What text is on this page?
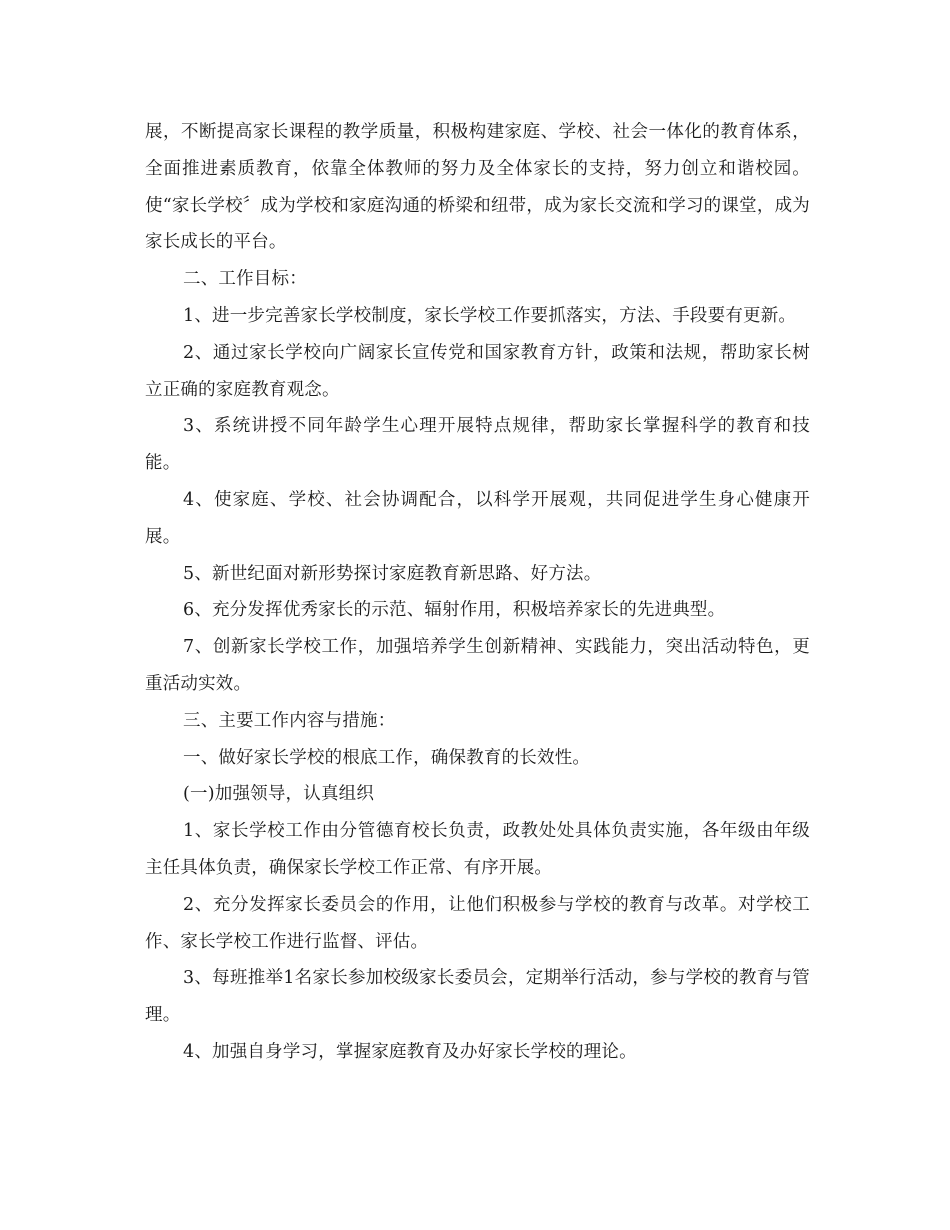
展，不断提高家长课程的教学质量，积极构建家庭、学校、社会一体化的教育体系，全面推进素质教育，依靠全体教师的努力及全体家长的支持，努力创立和谐校园。使“家长学校〞成为学校和家庭沟通的桥梁和纽带，成为家长交流和学习的课堂，成为家长成长的平台。

二、工作目标：

1、进一步完善家长学校制度，家长学校工作要抓落实，方法、手段要有更新。

2、通过家长学校向广阔家长宣传党和国家教育方针，政策和法规，帮助家长树立正确的家庭教育观念。

3、系统讲授不同年龄学生心理开展特点规律，帮助家长掌握科学的教育和技能。

4、使家庭、学校、社会协调配合，以科学开展观，共同促进学生身心健康开展。

5、新世纪面对新形势探讨家庭教育新思路、好方法。

6、充分发挥优秀家长的示范、辐射作用，积极培养家长的先进典型。

7、创新家长学校工作，加强培养学生创新精神、实践能力，突出活动特色，更重活动实效。

三、主要工作内容与措施：

一、做好家长学校的根底工作，确保教育的长效性。

(一)加强领导，认真组织

1、家长学校工作由分管德育校长负责，政教处处具体负责实施，各年级由年级主任具体负责，确保家长学校工作正常、有序开展。

2、充分发挥家长委员会的作用，让他们积极参与学校的教育与改革。对学校工作、家长学校工作进行监督、评估。

3、每班推举1名家长参加校级家长委员会，定期举行活动，参与学校的教育与管理。

4、加强自身学习，掌握家庭教育及办好家长学校的理论。
